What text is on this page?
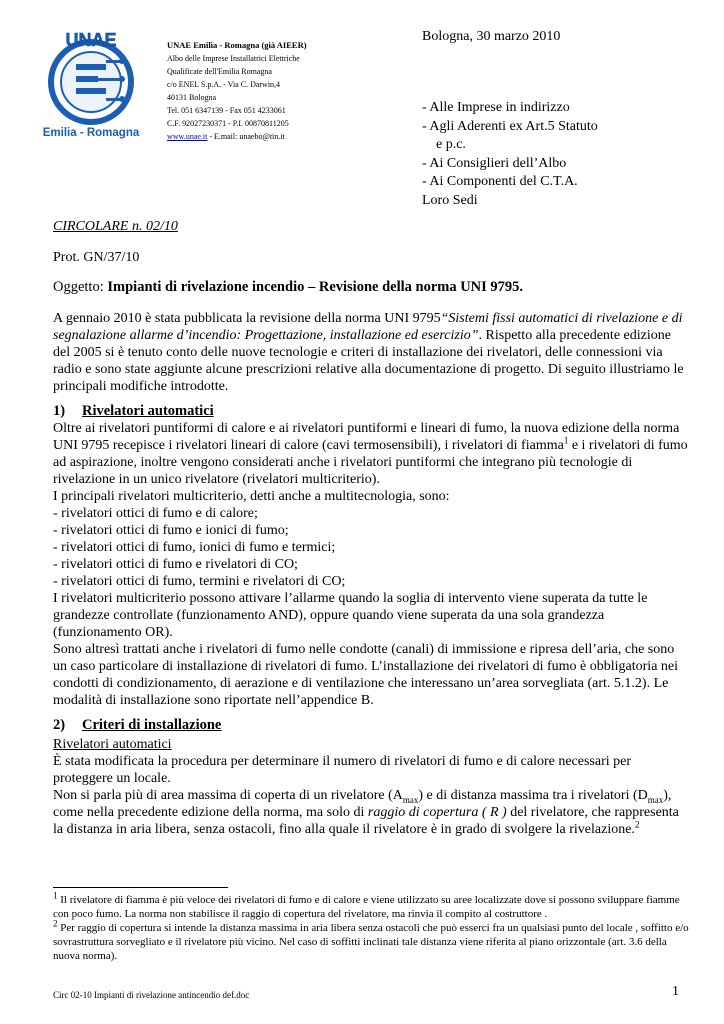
UNAE
Emilia - Romagna
UNAE Emilia - Romagna (già AIEER)
Albo delle Imprese Installatrici Elettriche
Qualificate dell'Emilia Romagna
c/o ENEL S.p.A. - Via C. Darwin,4
40131 Bologna
Tel. 051 6347139 - Fax 051 4233061
C.F. 92027230371 - P.I. 00870811205
www.unae.it - E.mail: unaebo@tin.it
Bologna, 30 marzo 2010
- Alle Imprese in indirizzo
- Agli Aderenti ex Art.5 Statuto
e p.c.
- Ai Consiglieri dell’Albo
- Ai Componenti del C.T.A.
Loro Sedi

CIRCOLARE n. 02/10

Prot. GN/37/10

Oggetto: Impianti di rivelazione incendio – Revisione della norma UNI 9795.

A gennaio 2010 è stata pubblicata la revisione della norma UNI 9795“Sistemi fissi automatici di rivelazione e di segnalazione allarme d’incendio: Progettazione, installazione ed esercizio”. Rispetto alla precedente edizione del 2005 si è tenuto conto delle nuove tecnologie e criteri di installazione dei rivelatori, delle connessioni via radio e sono state aggiunte alcune prescrizioni relative alla documentazione di progetto. Di seguito illustriamo le principali modifiche introdotte.

1) Rivelatori automatici

Oltre ai rivelatori puntiformi di calore e ai rivelatori puntiformi e lineari di fumo, la nuova edizione della norma UNI 9795 recepisce i rivelatori lineari di calore (cavi termosensibili), i rivelatori di fiamma$^1$ e i rivelatori di fumo ad aspirazione, inoltre vengono considerati anche i rivelatori puntiformi che integrano più tecnologie di rivelazione in un unico rivelatore (rivelatori multicriterio).

I principali rivelatori multicriterio, detti anche a multitecnologia, sono:

- rivelatori ottici di fumo e di calore;

- rivelatori ottici di fumo e ionici di fumo;

- rivelatori ottici di fumo, ionici di fumo e termici;

- rivelatori ottici di fumo e rivelatori di CO;

- rivelatori ottici di fumo, termini e rivelatori di CO;

I rivelatori multicriterio possono attivare l’allarme quando la soglia di intervento viene superata da tutte le grandezze controllate (funzionamento AND), oppure quando viene superata da una sola grandezza (funzionamento OR).

Sono altresì trattati anche i rivelatori di fumo nelle condotte (canali) di immissione e ripresa dell’aria, che sono un caso particolare di installazione di rivelatori di fumo. L’installazione dei rivelatori di fumo è obbligatoria nei condotti di condizionamento, di aerazione e di ventilazione che interessano un’area sorvegliata (art. 5.1.2). Le modalità di installazione sono riportate nell’appendice B.

2) Criteri di installazione

Rivelatori automatici

È stata modificata la procedura per determinare il numero di rivelatori di fumo e di calore necessari per proteggere un locale.

Non si parla più di area massima di coperta di un rivelatore $(A_{max})$ e di distanza massima tra i rivelatori $(D_{max})$, come nella precedente edizione della norma, ma solo di raggio di copertura ( R ) del rivelatore, che rappresenta la distanza in aria libera, senza ostacoli, fino alla quale il rivelatore è in grado di svolgere la rivelazione.$^2$

$^1$ Il rivelatore di fiamma è più veloce dei rivelatori di fumo e di calore e viene utilizzato su aree localizzate dove si possono sviluppare fiamme con poco fumo. La norma non stabilisce il raggio di copertura del rivelatore, ma rinvia il compito al costruttore .

$^2$ Per raggio di copertura si intende la distanza massima in aria libera senza ostacoli che può esserci fra un qualsiasi punto del locale , soffitto e/o sovrastruttura sorvegliato e il rivelatore più vicino. Nel caso di soffitti inclinati tale distanza viene riferita al piano orizzontale (art. 3.6 della nuova norma).

Circ 02-10 Impianti di rivelazione antincendio def.doc	1
